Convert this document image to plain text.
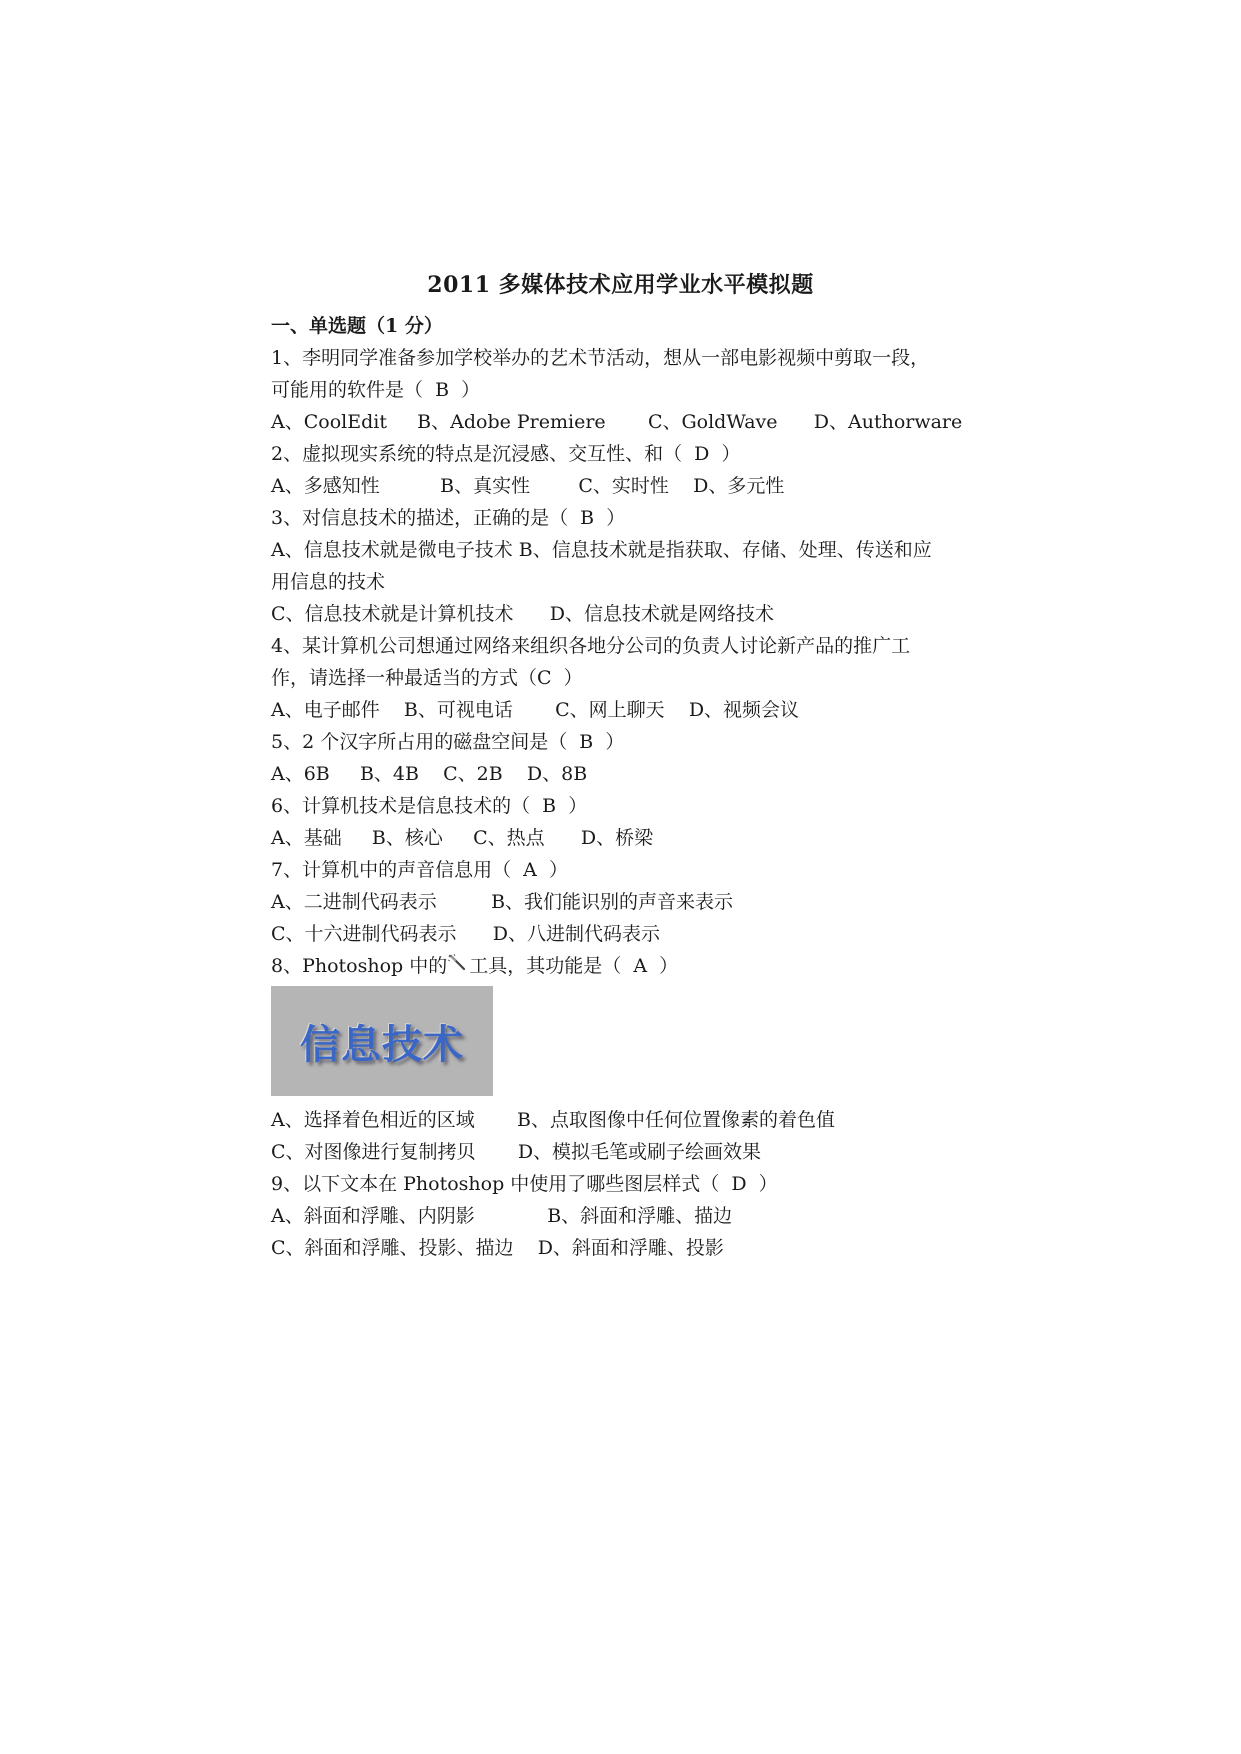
2011 多媒体技术应用学业水平模拟题
一、单选题（1 分）
1、李明同学准备参加学校举办的艺术节活动，想从一部电影视频中剪取一段，
可能用的软件是（  B  ）
A、CoolEdit     B、Adobe Premiere       C、GoldWave      D、Authorware
2、虚拟现实系统的特点是沉浸感、交互性、和（  D  ）
A、多感知性          B、真实性        C、实时性    D、多元性
3、对信息技术的描述，正确的是（  B  ）
A、信息技术就是微电子技术 B、信息技术就是指获取、存储、处理、传送和应
用信息的技术
C、信息技术就是计算机技术      D、信息技术就是网络技术
4、某计算机公司想通过网络来组织各地分公司的负责人讨论新产品的推广工
作，请选择一种最适当的方式（C  ）
A、电子邮件    B、可视电话       C、网上聊天    D、视频会议
5、2 个汉字所占用的磁盘空间是（  B  ）
A、6B     B、4B    C、2B    D、8B
6、计算机技术是信息技术的（  B  ）
A、基础     B、核心     C、热点      D、桥梁
7、计算机中的声音信息用（  A  ）
A、二进制代码表示         B、我们能识别的声音来表示
C、十六进制代码表示      D、八进制代码表示
8、Photoshop 中的 工具，其功能是（  A  ）
信息技术
A、选择着色相近的区域       B、点取图像中任何位置像素的着色值
C、对图像进行复制拷贝       D、模拟毛笔或刷子绘画效果
9、以下文本在 Photoshop 中使用了哪些图层样式（  D  ）
A、斜面和浮雕、内阴影            B、斜面和浮雕、描边
C、斜面和浮雕、投影、描边    D、斜面和浮雕、投影
